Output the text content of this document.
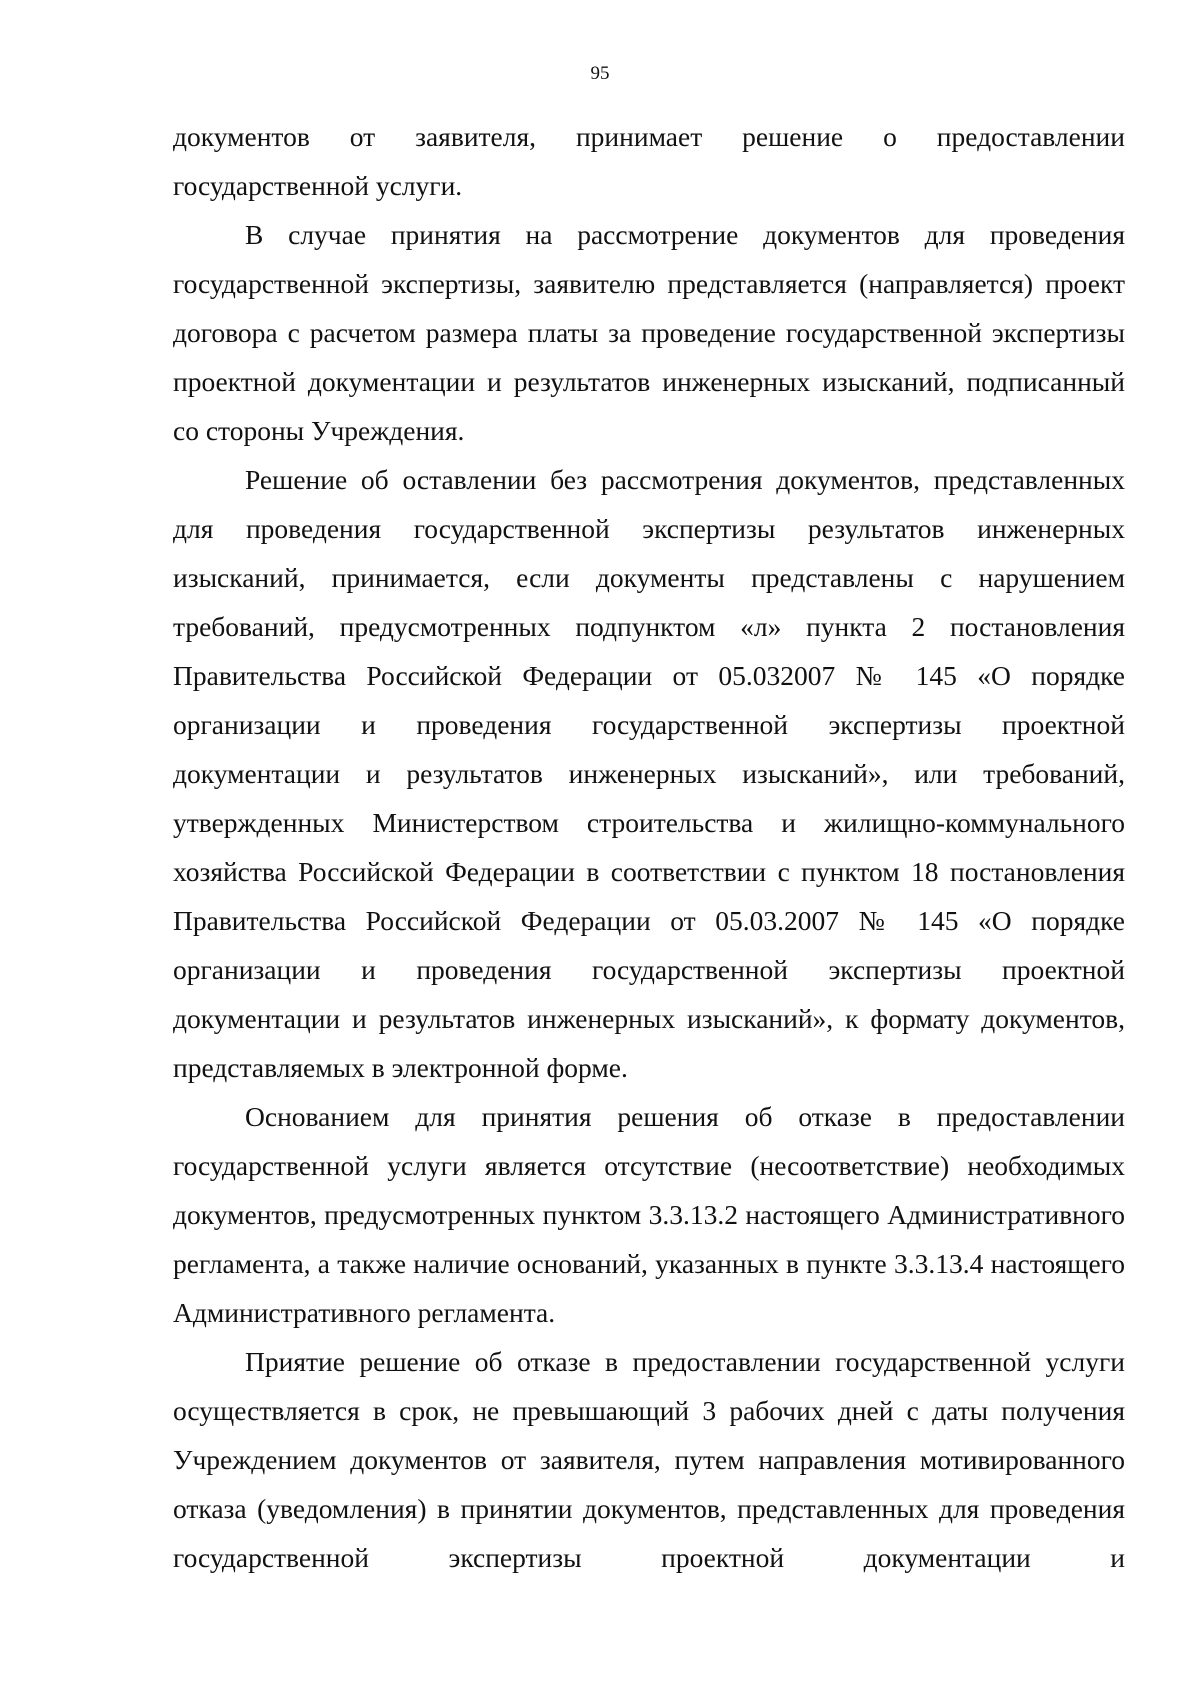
95

документов от заявителя, принимает решение о предоставлении государственной услуги.

В случае принятия на рассмотрение документов для проведения государственной экспертизы, заявителю представляется (направляется) проект договора с расчетом размера платы за проведение государственной экспертизы проектной документации и результатов инженерных изысканий, подписанный со стороны Учреждения.

Решение об оставлении без рассмотрения документов, представленных для проведения государственной экспертизы результатов инженерных изысканий, принимается, если документы представлены с нарушением требований, предусмотренных подпунктом «л» пункта 2 постановления Правительства Российской Федерации от 05.032007 № 145 «О порядке организации и проведения государственной экспертизы проектной документации и результатов инженерных изысканий», или требований, утвержденных Министерством строительства и жилищно-коммунального хозяйства Российской Федерации в соответствии с пунктом 18 постановления Правительства Российской Федерации от 05.03.2007 № 145 «О порядке организации и проведения государственной экспертизы проектной документации и результатов инженерных изысканий», к формату документов, представляемых в электронной форме.

Основанием для принятия решения об отказе в предоставлении государственной услуги является отсутствие (несоответствие) необходимых документов, предусмотренных пунктом 3.3.13.2 настоящего Административного регламента, а также наличие оснований, указанных в пункте 3.3.13.4 настоящего Административного регламента.

Приятие решение об отказе в предоставлении государственной услуги осуществляется в срок, не превышающий 3 рабочих дней с даты получения Учреждением документов от заявителя, путем направления мотивированного отказа (уведомления) в принятии документов, представленных для проведения государственной экспертизы проектной документации и
